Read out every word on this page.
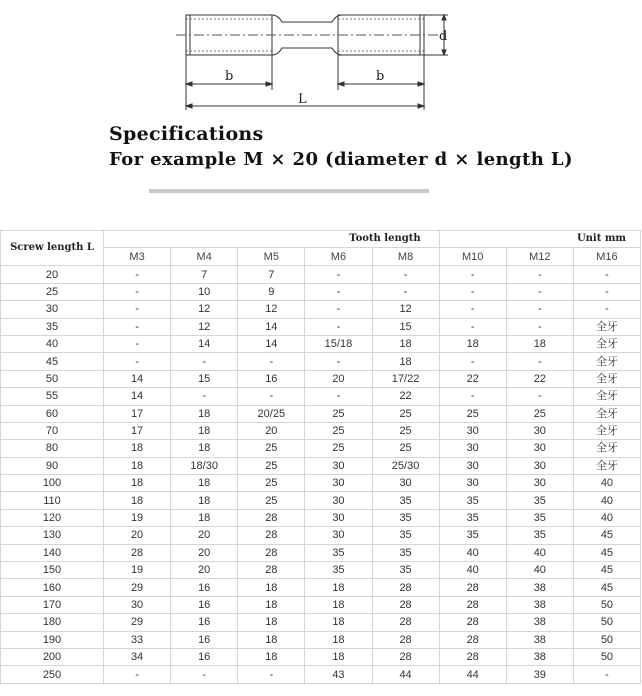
d
b	b
L
Specifications
For example M × 20 (diameter d × length L)
Screw length L	Tooth length					Unit mm		
	M3	M4	M5	M6	M8	M10	M12	M16
20	-	7	7	-	-	-	-	-
25	-	10	9	-	-	-	-	-
30	-	12	12	-	12	-	-	-
35	-	12	14	-	15	-	-	全牙
40	-	14	14	15/18	18	18	18	全牙
45	-	-	-	-	18	-	-	全牙
50	14	15	16	20	17/22	22	22	全牙
55	14	-	-	-	22	-	-	全牙
60	17	18	20/25	25	25	25	25	全牙
70	17	18	20	25	25	30	30	全牙
80	18	18	25	25	25	30	30	全牙
90	18	18/30	25	30	25/30	30	30	全牙
100	18	18	25	30	30	30	30	40
110	18	18	25	30	35	35	35	40
120	19	18	28	30	35	35	35	40
130	20	20	28	30	35	35	35	45
140	28	20	28	35	35	40	40	45
150	19	20	28	35	35	40	40	45
160	29	16	18	18	28	28	38	45
170	30	16	18	18	28	28	38	50
180	29	16	18	18	28	28	38	50
190	33	16	18	18	28	28	38	50
200	34	16	18	18	28	28	38	50
250	-	-	-	43	44	44	39	-
